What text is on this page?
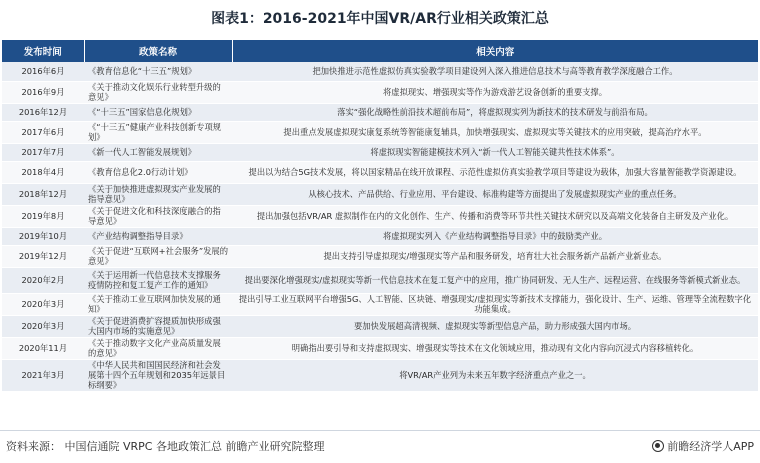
图表1：2016-2021年中国VR/AR行业相关政策汇总
发布时间	政策名称	相关内容
2016年6月	《教育信息化“十三五”规划》	把加快推进示范性虚拟仿真实验教学项目建设列入深入推进信息技术与高等教育教学深度融合工作。
2016年9月	《关于推动文化娱乐行业转型升级的意见》	将虚拟现实、增强现实等作为游戏游艺设备创新的重要支撑。
2016年12月	《“十三五”国家信息化规划》	落实“强化战略性前沿技术超前布局”，将虚拟现实列为新技术的技术研发与前沿布局。
2017年6月	《“十三五”健康产业科技创新专项规划》	提出重点发展虚拟现实康复系统等智能康复辅具，加快增强现实、虚拟现实等关键技术的应用突破，提高治疗水平。
2017年7月	《新一代人工智能发展规划》	将虚拟现实智能建模技术列入“新一代人工智能关键共性技术体系”。
2018年4月	《教育信息化2.0行动计划》	提出以为结合5G技术发展，将以国家精品在线开放课程、示范性虚拟仿真实验教学项目等建设为载体，加强大容量智能教学资源建设。
2018年12月	《关于加快推进虚拟现实产业发展的指导意见》	从核心技术、产品供给、行业应用、平台建设、标准构建等方面提出了发展虚拟现实产业的重点任务。
2019年8月	《关于促进文化和科技深度融合的指导意见》	提出加强包括VR/AR 虚拟制作在内的文化创作、生产、传播和消费等环节共性关键技术研究以及高端文化装备自主研发及产业化。
2019年10月	《产业结构调整指导目录》	将虚拟现实列入《产业结构调整指导目录》中的鼓励类产业。
2019年12月	《关于促进“互联网+社会服务”发展的意见》	提出支持引导虚拟现实/增强现实等产品和服务研发，培育壮大社会服务新产品新产业新业态。
2020年2月	《关于运用新一代信息技术支撑服务疫情防控和复工复产工作的通知》	提出要深化增强现实/虚拟现实等新一代信息技术在复工复产中的应用，推广协同研发、无人生产、远程运营、在线服务等新模式新业态。
2020年3月	《关于推动工业互联网加快发展的通知》	提出引导工业互联网平台增强5G、人工智能、区块链、增强现实/虚拟现实等新技术支撑能力，强化设计、生产、运维、管理等全流程数字化功能集成。
2020年3月	《关于促进消费扩容提质加快形成强大国内市场的实施意见》	要加快发展超高清视频、虚拟现实等新型信息产品，助力形成强大国内市场。
2020年11月	《关于推动数字文化产业高质量发展的意见》	明确指出要引导和支持虚拟现实、增强现实等技术在文化领域应用，推动现有文化内容向沉浸式内容移植转化。
2021年3月	《中华人民共和国国民经济和社会发展第十四个五年规划和2035年远景目标纲要》	将VR/AR产业列为未来五年数字经济重点产业之一。
资料来源： 中国信通院 VRPC 各地政策汇总 前瞻产业研究院整理	前瞻经济学人APP
